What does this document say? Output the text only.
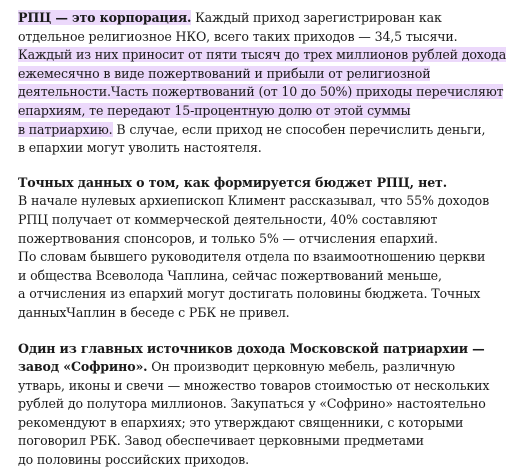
РПЦ — это корпорация. Каждый приход зарегистрирован как
отдельное религиозное НКО, всего таких приходов — 34,5 тысячи.
Каждый из них приносит от пяти тысяч до трех миллионов рублей дохода
ежемесячно в виде пожертвований и прибыли от религиозной
деятельности.Часть пожертвований (от 10 до 50%) приходы перечисляют
епархиям, те передают 15-процентную долю от этой суммы
в патриархию. В случае, если приход не способен перечислить деньги,
в епархии могут уволить настоятеля.

Точных данных о том, как формируется бюджет РПЦ, нет.
В начале нулевых архиепископ Климент рассказывал, что 55% доходов
РПЦ получает от коммерческой деятельности, 40% составляют
пожертвования спонсоров, и только 5% — отчисления епархий.
По словам бывшего руководителя отдела по взаимоотношению церкви
и общества Всеволода Чаплина, сейчас пожертвований меньше,
а отчисления из епархий могут достигать половины бюджета. Точных
данныхЧаплин в беседе с РБК не привел.

Один из главных источников дохода Московской патриархии —
завод «Софрино». Он производит церковную мебель, различную
утварь, иконы и свечи — множество товаров стоимостью от нескольких
рублей до полутора миллионов. Закупаться у «Софрино» настоятельно
рекомендуют в епархиях; это утверждают священники, с которыми
поговорил РБК. Завод обеспечивает церковными предметами
до половины российских приходов.
